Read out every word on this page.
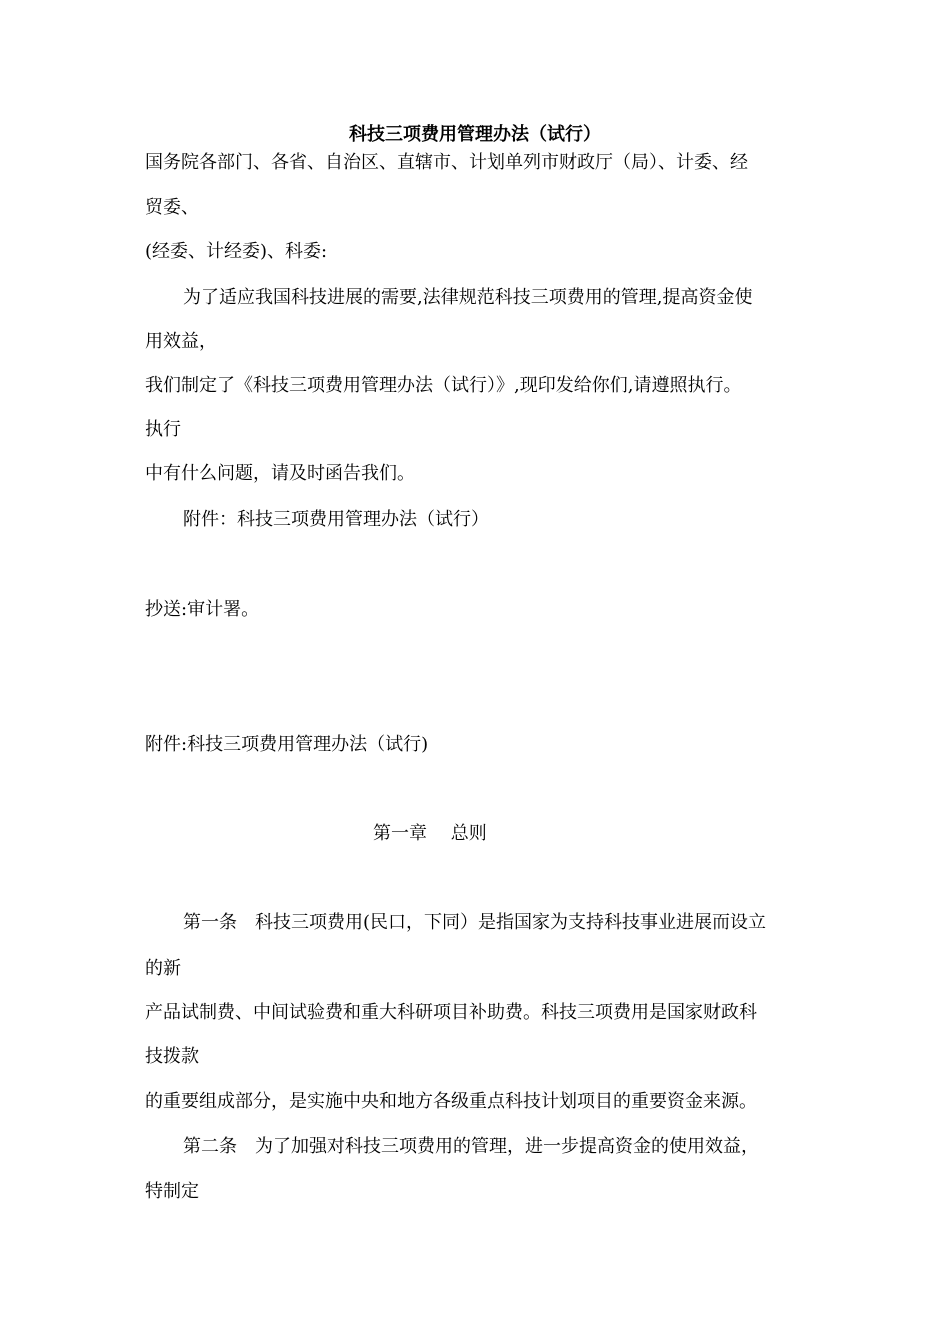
科技三项费用管理办法（试行）
国务院各部门、各省、自治区、直辖市、计划单列市财政厅（局）、计委、经
贸委、
(经委、计经委)、科委:
为了适应我国科技进展的需要,法律规范科技三项费用的管理,提高资金使
用效益，
我们制定了《科技三项费用管理办法（试行）》,现印发给你们,请遵照执行。
执行
中有什么问题，请及时函告我们。
附件：科技三项费用管理办法（试行）
抄送:审计署。
附件:科技三项费用管理办法（试行)
第一章　 总则
第一条　科技三项费用(民口，下同）是指国家为支持科技事业进展而设立
的新
产品试制费、中间试验费和重大科研项目补助费。科技三项费用是国家财政科
技拨款
的重要组成部分，是实施中央和地方各级重点科技计划项目的重要资金来源。
第二条　为了加强对科技三项费用的管理，进一步提高资金的使用效益，
特制定
